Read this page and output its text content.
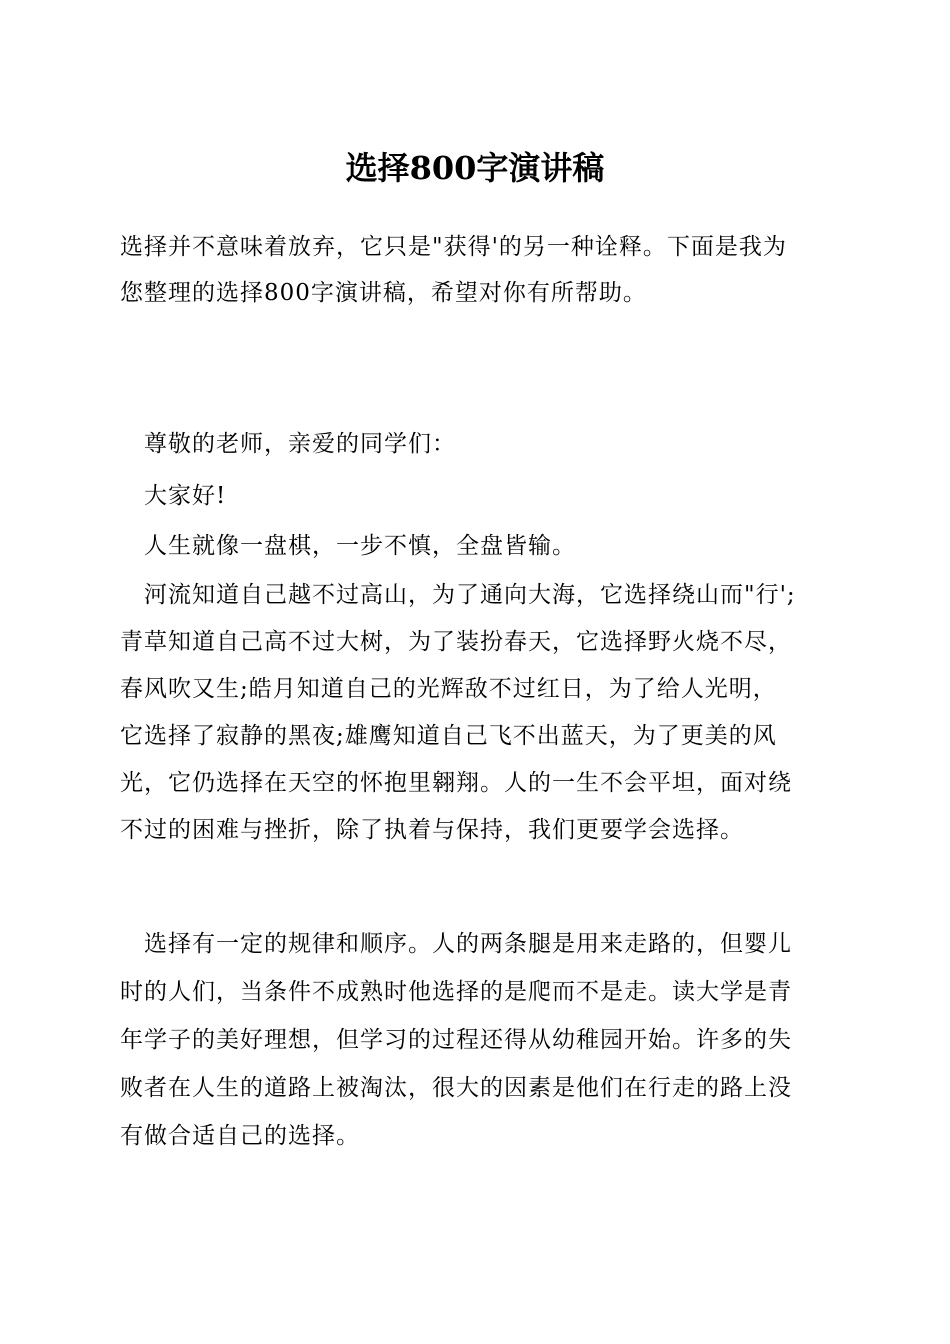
选择800字演讲稿
选择并不意味着放弃，它只是"获得'的另一种诠释。下面是我为
您整理的选择800字演讲稿，希望对你有所帮助。
尊敬的老师，亲爱的同学们：
大家好!
人生就像一盘棋，一步不慎，全盘皆输。
河流知道自己越不过高山，为了通向大海，它选择绕山而"行';
青草知道自己高不过大树，为了装扮春天，它选择野火烧不尽，
春风吹又生;皓月知道自己的光辉敌不过红日，为了给人光明，
它选择了寂静的黑夜;雄鹰知道自己飞不出蓝天，为了更美的风
光，它仍选择在天空的怀抱里翱翔。人的一生不会平坦，面对绕
不过的困难与挫折，除了执着与保持，我们更要学会选择。
选择有一定的规律和顺序。人的两条腿是用来走路的，但婴儿
时的人们，当条件不成熟时他选择的是爬而不是走。读大学是青
年学子的美好理想，但学习的过程还得从幼稚园开始。许多的失
败者在人生的道路上被淘汰，很大的因素是他们在行走的路上没
有做合适自己的选择。
